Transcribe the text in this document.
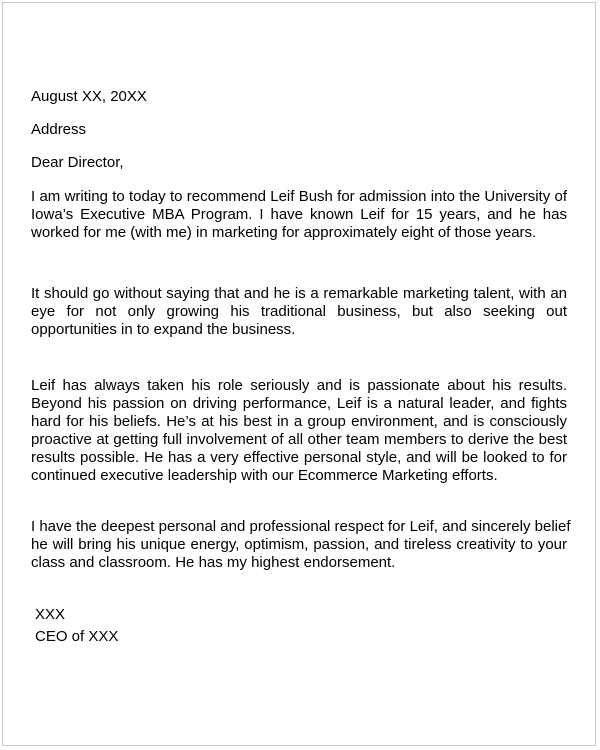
August XX, 20XX
Address
Dear Director,
I am writing to today to recommend Leif Bush for admission into the University of
Iowa’s Executive MBA Program. I have known Leif for 15 years, and he has
worked for me (with me) in marketing for approximately eight of those years.
It should go without saying that and he is a remarkable marketing talent, with an
eye for not only growing his traditional business, but also seeking out
opportunities in to expand the business.
Leif has always taken his role seriously and is passionate about his results.
Beyond his passion on driving performance, Leif is a natural leader, and fights
hard for his beliefs. He’s at his best in a group environment, and is consciously
proactive at getting full involvement of all other team members to derive the best
results possible. He has a very effective personal style, and will be looked to for
continued executive leadership with our Ecommerce Marketing efforts.
I have the deepest personal and professional respect for Leif, and sincerely belief
he will bring his unique energy, optimism, passion, and tireless creativity to your
class and classroom. He has my highest endorsement.
XXX
CEO of XXX
